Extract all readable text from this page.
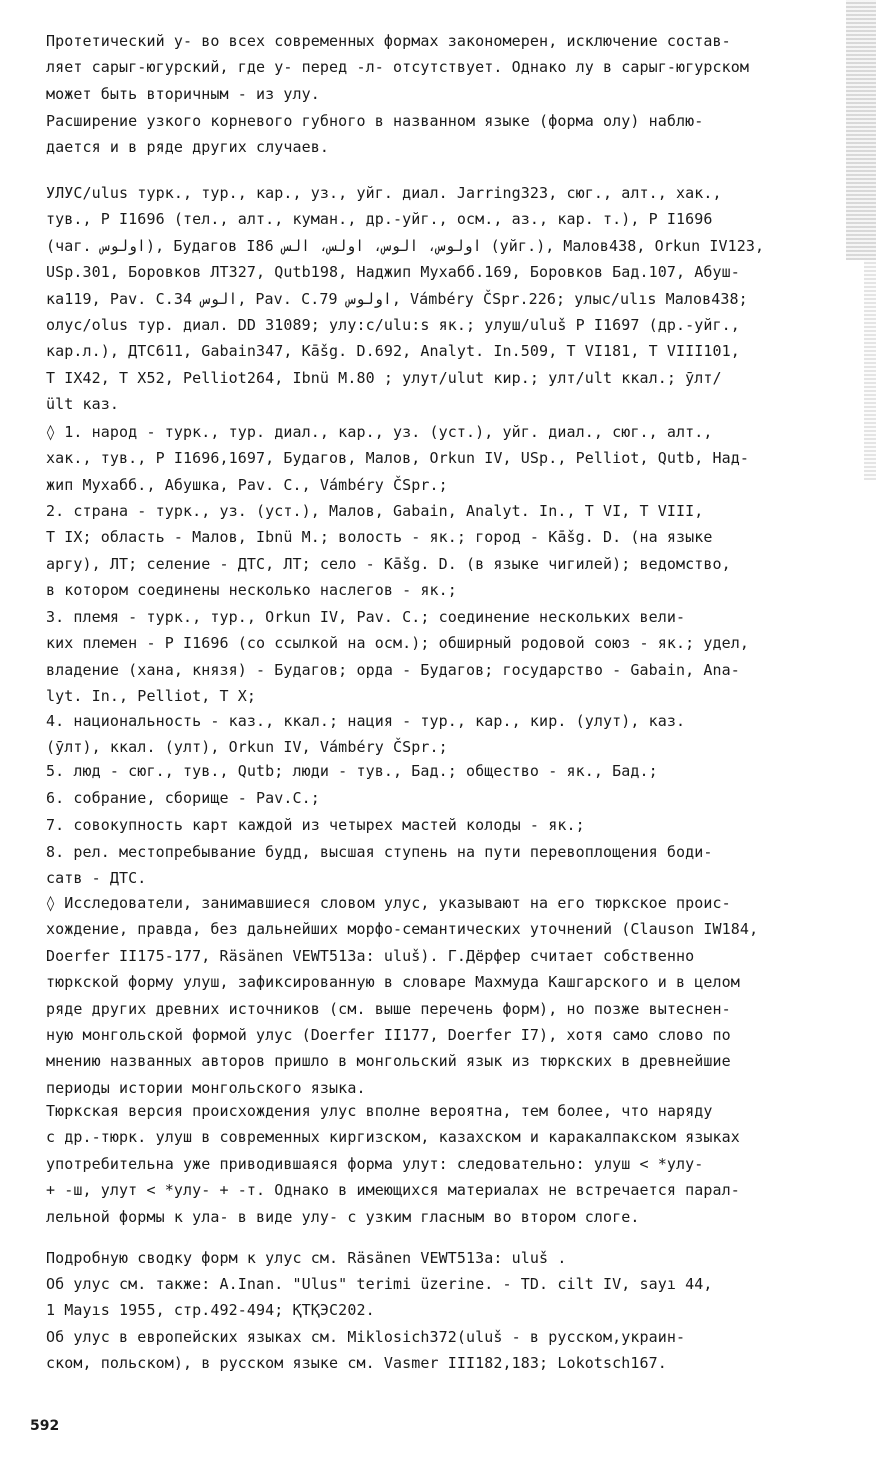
Протетический у- во всех современных формах закономерен, исключение состав-
ляет сарыг-югурский, где у- перед -л- отсутствует. Однако лу в сарыг-югурском
может быть вторичным - из улу.
Расширение узкого корневого губного в названном языке (форма олу) наблю-
дается и в ряде других случаев.
УЛУС/ulus турк., тур., кар., уз., уйг. диал. Jarring323, сюг., алт., хак.,
тув., Р I1696 (тел., алт., куман., др.-уйг., осм., аз., кар. т.), Р I1696
(чаг. اولوس), Будагов I86 ‌اولوس، الوس، اولس، الس (уйг.), Малов438, Orkun IV123,
USp.301, Боровков ЛТ327, Qutb198, Наджип Мухабб.169, Боровков Бад.107, Абуш-
ка119, Pav. C.34 الوس, Pav. C.79 اولوس, Vámbéry ČSpr.226; улыс/ulıs Малов438;
олус/olus тур. диал. DD 31089; улу:с/ulu:s як.; улуш/uluš Р I1697 (др.-уйг.,
кар.л.), ДТС611, Gabain347, Kāšg. D.692, Analyt. In.509, Т VI181, Т VIII101,
Т IX42, Т X52, Pelliot264, Ibnü M.80 ; улут/ulut кир.; улт/ult ккал.; ӯлт/
ült каз.
◊ 1. народ - турк., тур. диал., кар., уз. (уст.), уйг. диал., сюг., алт.,
хак., тув., Р I1696,1697, Будагов, Малов, Orkun IV, USp., Pelliot, Qutb, Над-
жип Мухабб., Абушка, Pav. C., Vámbéry ČSpr.;
2. страна - турк., уз. (уст.), Малов, Gabain, Analyt. In., Т VI, Т VIII,
Т IX; область - Малов, Ibnü M.; волость - як.; город - Kāšg. D. (на языке
аргу), ЛТ; селение - ДТС, ЛТ; село - Kāšg. D. (в языке чигилей); ведомство,
в котором соединены несколько наслегов - як.;
3. племя - турк., тур., Orkun IV, Pav. C.; соединение нескольких вели-
ких племен - Р I1696 (со ссылкой на осм.); обширный родовой союз - як.; удел,
владение (хана, князя) - Будагов; орда - Будагов; государство - Gabain, Ana-
lyt. In., Pelliot, Т X;
4. национальность - каз., ккал.; нация - тур., кар., кир. (улут), каз.
(ӯлт), ккал. (улт), Orkun IV, Vámbéry ČSpr.;
5. люд - сюг., тув., Qutb; люди - тув., Бад.; общество - як., Бад.;
6. собрание, сборище - Pav.C.;
7. совокупность карт каждой из четырех мастей колоды - як.;
8. рел. местопребывание будд, высшая ступень на пути перевоплощения боди-
сатв - ДТС.
◊ Исследователи, занимавшиеся словом улус, указывают на его тюркское проис-
хождение, правда, без дальнейших морфо-семантических уточнений (Clauson IW184,
Doerfer II175-177, Räsänen VEWT513a: uluš). Г.Дёрфер считает собственно
тюркской форму улуш, зафиксированную в словаре Махмуда Кашгарского и в целом
ряде других древних источников (см. выше перечень форм), но позже вытеснен-
ную монгольской формой улус (Doerfer II177, Doerfer I7), хотя само слово по
мнению названных авторов пришло в монгольский язык из тюркских в древнейшие
периоды истории монгольского языка.
Тюркская версия происхождения улус вполне вероятна, тем более, что наряду
с др.-тюрк. улуш в современных киргизском, казахском и каракалпакском языках
употребительна уже приводившаяся форма улут: следовательно: улуш < *улу-
+ -ш, улут < *улу- + -т. Однако в имеющихся материалах не встречается парал-
лельной формы к ула- в виде улу- с узким гласным во втором слоге.
Подробную сводку форм к улус см. Räsänen VEWT513a: uluš .
Об улус см. также: A.Inan. "Ulus" terimi üzerine. - TD. cilt IV, sayı 44,
1 Mayıs 1955, стр.492-494; ҚТҚЭС202.
Об улус в европейских языках см. Miklosich372(uluš - в русском,украин-
ском, польском), в русском языке см. Vasmer III182,183; Lokotsch167.
592
